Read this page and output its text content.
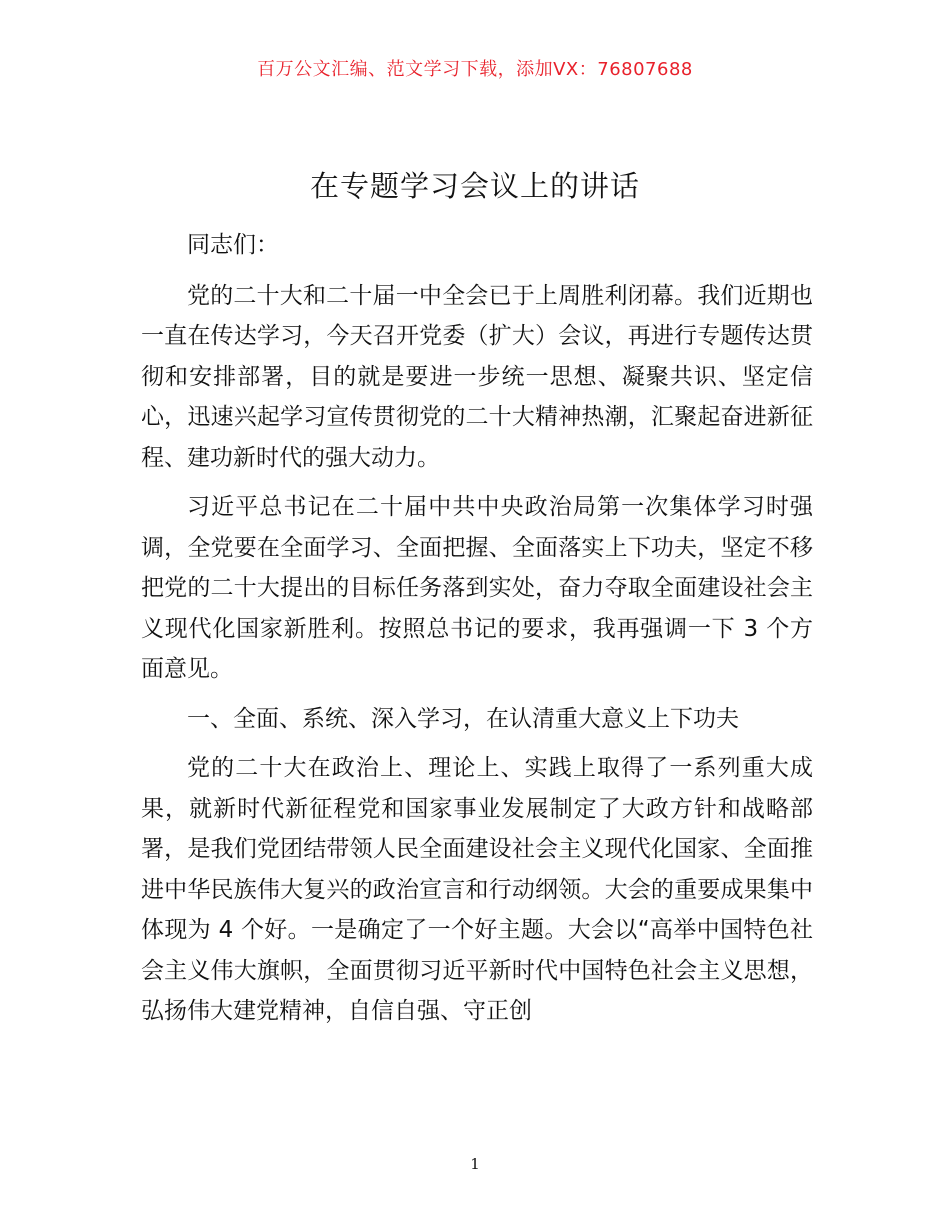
百万公文汇编、范文学习下载，添加VX：76807688
在专题学习会议上的讲话

同志们：

党的二十大和二十届一中全会已于上周胜利闭幕。我们近期也一直在传达学习，今天召开党委（扩大）会议，再进行专题传达贯彻和安排部署，目的就是要进一步统一思想、凝聚共识、坚定信心，迅速兴起学习宣传贯彻党的二十大精神热潮，汇聚起奋进新征程、建功新时代的强大动力。

习近平总书记在二十届中共中央政治局第一次集体学习时强调，全党要在全面学习、全面把握、全面落实上下功夫，坚定不移把党的二十大提出的目标任务落到实处，奋力夺取全面建设社会主义现代化国家新胜利。按照总书记的要求，我再强调一下 3 个方面意见。

一、全面、系统、深入学习，在认清重大意义上下功夫

党的二十大在政治上、理论上、实践上取得了一系列重大成果，就新时代新征程党和国家事业发展制定了大政方针和战略部署，是我们党团结带领人民全面建设社会主义现代化国家、全面推进中华民族伟大复兴的政治宣言和行动纲领。大会的重要成果集中体现为 4 个好。一是确定了一个好主题。大会以“高举中国特色社会主义伟大旗帜，全面贯彻习近平新时代中国特色社会主义思想，弘扬伟大建党精神，自信自强、守正创

1
